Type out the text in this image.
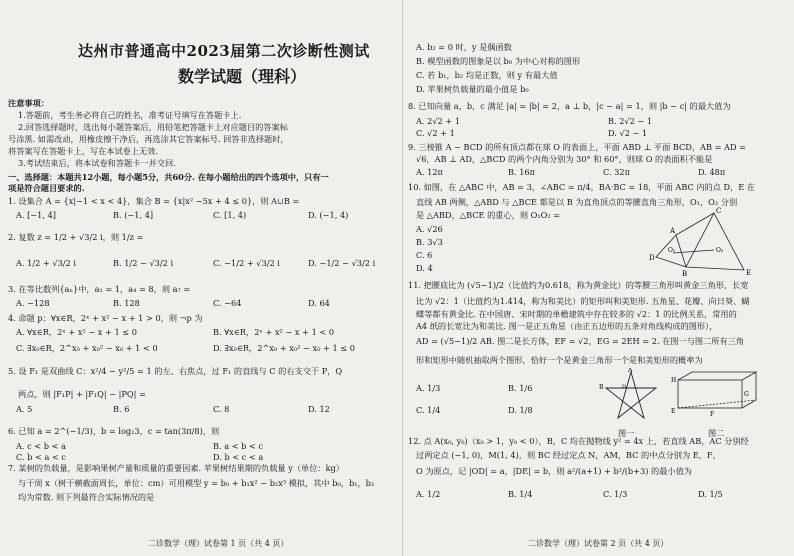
达州市普通高中2023届第二次诊断性测试
数学试题（理科）
注意事项：
1.答题前，考生务必将自己的姓名，准考证号填写在答题卡上.
2.回答选择题时，选出每小题答案后，用铅笔把答题卡上对应题目的答案标
号涂黑. 如需改动，用橡皮擦干净后，再选涂其它答案标号. 回答非选择题时，
将答案写在答题卡上，写在本试卷上无效.
3.考试结束后，将本试卷和答题卡一并交回.
一、选择题：本题共12小题，每小题5分，共60分. 在每小题给出的四个选项中，只有一
项是符合题目要求的.
1. 设集合 A = {x|−1 < x < 4}，集合 B = {x|x² −5x + 4 ≤ 0}，则 A∪B =
A. [−1, 4]	B. (−1, 4]	C. [1, 4)	D. (−1, 4)
2. 复数 z = 1/2 + √3/2 i，则 1/z =
A. 1/2 + √3/2 i	B. 1/2 − √3/2 i	C. −1/2 + √3/2 i	D. −1/2 − √3/2 i
3. 在等比数列{aₙ}中，a₁ = 1，a₄ = 8，则 a₇ =
A. −128	B. 128	C. −64	D. 64
4. 命题 p：∀x∈R，2ˣ + x² − x + 1 > 0，则 ¬p 为
A. ∀x∈R，2ˣ + x² − x + 1 ≤ 0	B. ∀x∈R，2ˣ + x² − x + 1 < 0
C. ∃x₀∈R，2^x₀ + x₀² − x₀ + 1 < 0	D. ∃x₀∈R，2^x₀ + x₀² − x₀ + 1 ≤ 0
5. 设 F₁ 是双曲线 C：x²/4 − y²/5 = 1 的左、右焦点，过 F₁ 的直线与 C 的右支交于 P，Q
两点，则 |F₁P| + |F₁Q| − |PQ| =
A. 5	B. 6	C. 8	D. 12
6. 已知 a = 2^(−1/3)，b = log₂3，c = tan(3π/8)，则
A. c < b < a	B. a < b < c
C. b < a < c	D. b < c < a
7. 某树的负载量，是影响果树产量和质量的重要因素. 苹果树结果期的负载量 y（单位：kg）
与干周 x（树干横截面周长，单位：cm）可用模型 y = b₀ + b₁x² − b₂x³ 模拟，其中 b₀，b₁，b₂
均为常数. 则下列最符合实际情况的是
二诊数学（理）试卷第 1 页（共 4 页）
A. b₂ = 0 时，y 是偶函数
B. 模型函数的图象是以 b₀ 为中心对称的图形
C. 若 b₁，b₂ 均是正数，则 y 有最大值
D. 苹果树负载量的最小值是 b₀
8. 已知向量 a，b，c 满足 |a| = |b| = 2，a ⊥ b，|c − a| = 1，则 |b − c| 的最大值为
A. 2√2 + 1	B. 2√2 − 1
C. √2 + 1	D. √2 − 1
9. 三棱锥 A − BCD 的所有顶点都在球 O 的表面上，平面 ABD ⊥ 平面 BCD，AB = AD =
√6，AB ⊥ AD，△BCD 的两个内角分别为 30° 和 60°，则球 O 的表面积不能是
A. 12π	B. 16π	C. 32π	D. 48π
10. 如图，在 △ABC 中，AB = 3，∠ABC = π/4，BA·BC = 18，平面 ABC 内的点 D，E 在
直线 AB 两侧，△ABD 与 △BCE 都是以 B 为直角顶点的等腰直角三角形，O₁，O₂ 分别
是 △ABD，△BCE 的重心，则 O₁O₂ =
A. √26
B. 3√3
C. 6
D. 4
A
D
B
C
E
O₁	O₂
11. 把腰底比为 (√5−1)/2（比值约为0.618，称为黄金比）的等腰三角形叫黄金三角形，长宽
比为 √2：1（比值约为1.414，称为和美比）的矩形叫和美矩形. 五角星、花瓣、向日葵、蝴
蝶等都有黄金比. 在中国唐、宋时期的单檐建筑中存在较多的 √2：1 的比例关系，常用的
A4 纸的长宽比为和美比. 图一是正五角星（由正五边形的五条对角线构成的图形），
AD = (√5−1)/2 AB. 图二是长方体，EF = √2，EG = 2EH = 2. 在图一与图二所有三角
形和矩形中随机抽取两个图形，恰好一个是黄金三角形一个是和美矩形的概率为
A. 1/3	B. 1/6
C. 1/4	D. 1/8
A
B	D
图一
H
G
E	F
图二
12. 点 A(x₀, y₀)（x₀ > 1，y₀ < 0），B，C 均在抛物线 y² = 4x 上，若直线 AB，AC 分别经
过两定点 (−1, 0)，M(1, 4)，则 BC 经过定点 N，AM，BC 的中点分别为 E，F，
O 为原点，记 |OD| = a，|DE| = b，则 a²/(a+1) + b²/(b+3) 的最小值为
A. 1/2	B. 1/4	C. 1/3	D. 1/5
二诊数学（理）试卷第 2 页（共 4 页）
